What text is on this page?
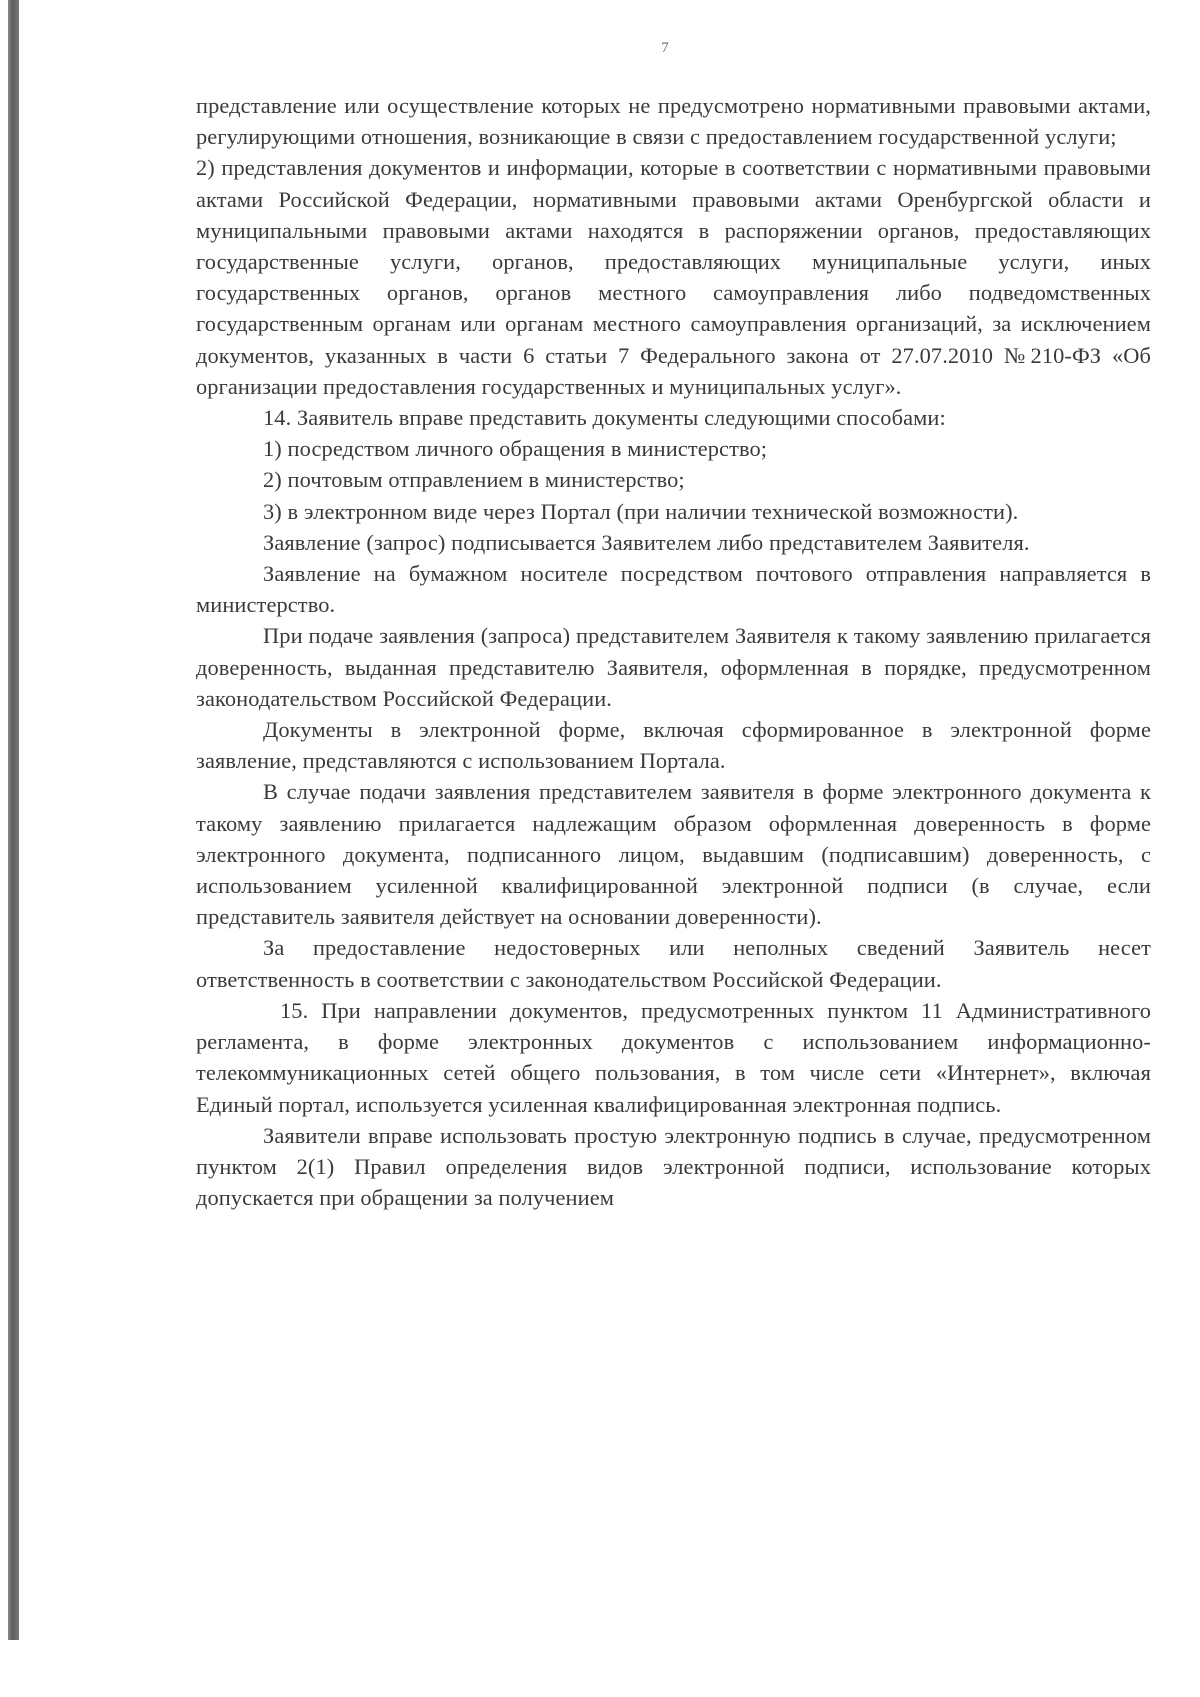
7

представление или осуществление которых не предусмотрено нормативными правовыми актами, регулирующими отношения, возникающие в связи с предоставлением государственной услуги;

2) представления документов и информации, которые в соответствии с нормативными правовыми актами Российской Федерации, нормативными правовыми актами Оренбургской области и муниципальными правовыми актами находятся в распоряжении органов, предоставляющих государственные услуги, органов, предоставляющих муниципальные услуги, иных государственных органов, органов местного самоуправления либо подведомственных государственным органам или органам местного самоуправления организаций, за исключением документов, указанных в части 6 статьи 7 Федерального закона от 27.07.2010 №210-ФЗ «Об организации предоставления государственных и муниципальных услуг».

14. Заявитель вправе представить документы следующими способами:

1) посредством личного обращения в министерство;

2) почтовым отправлением в министерство;

3) в электронном виде через Портал (при наличии технической возможности).

Заявление (запрос) подписывается Заявителем либо представителем Заявителя.

Заявление на бумажном носителе посредством почтового отправления направляется в министерство.

При подаче заявления (запроса) представителем Заявителя к такому заявлению прилагается доверенность, выданная представителю Заявителя, оформленная в порядке, предусмотренном законодательством Российской Федерации.

Документы в электронной форме, включая сформированное в электронной форме заявление, представляются с использованием Портала.

В случае подачи заявления представителем заявителя в форме электронного документа к такому заявлению прилагается надлежащим образом оформленная доверенность в форме электронного документа, подписанного лицом, выдавшим (подписавшим) доверенность, с использованием усиленной квалифицированной электронной подписи (в случае, если представитель заявителя действует на основании доверенности).

За предоставление недостоверных или неполных сведений Заявитель несет ответственность в соответствии с законодательством Российской Федерации.

15. При направлении документов, предусмотренных пунктом 11 Административного регламента, в форме электронных документов с использованием информационно-телекоммуникационных сетей общего пользования, в том числе сети «Интернет», включая Единый портал, используется усиленная квалифицированная электронная подпись.

Заявители вправе использовать простую электронную подпись в случае, предусмотренном пунктом 2(1) Правил определения видов электронной подписи, использование которых допускается при обращении за получением
